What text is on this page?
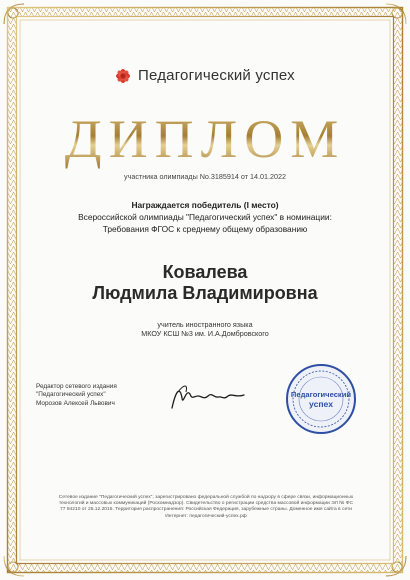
Педагогический успех
ДИПЛОМ
участника олимпиады No.3185914 от 14.01.2022
Награждается победитель (I место)
Всероссийской олимпиады "Педагогический успех" в номинации:
Требования ФГОС к среднему общему образованию
Ковалева
Людмила Владимировна
учитель иностранного языка
МКОУ КСШ №3 им. И.А.Домбровского
Редактор сетевого издания
"Педагогический успех"
Морозов Алексей Львович
Педагогический
успех
Сетевое издание "Педагогический успех", зарегистрировано федеральной службой по надзору в сфере связи, информационных технологий и массовых коммуникаций (Роскомнадзор). Свидетельство о регистрации средства массовой информации ЭЛ № ФС 77 84210 от 25.12.2015. Территория распространения: Российская Федерация, зарубежные страны. Доменное имя сайта в сети Интернет: педагогический-успех.рф
